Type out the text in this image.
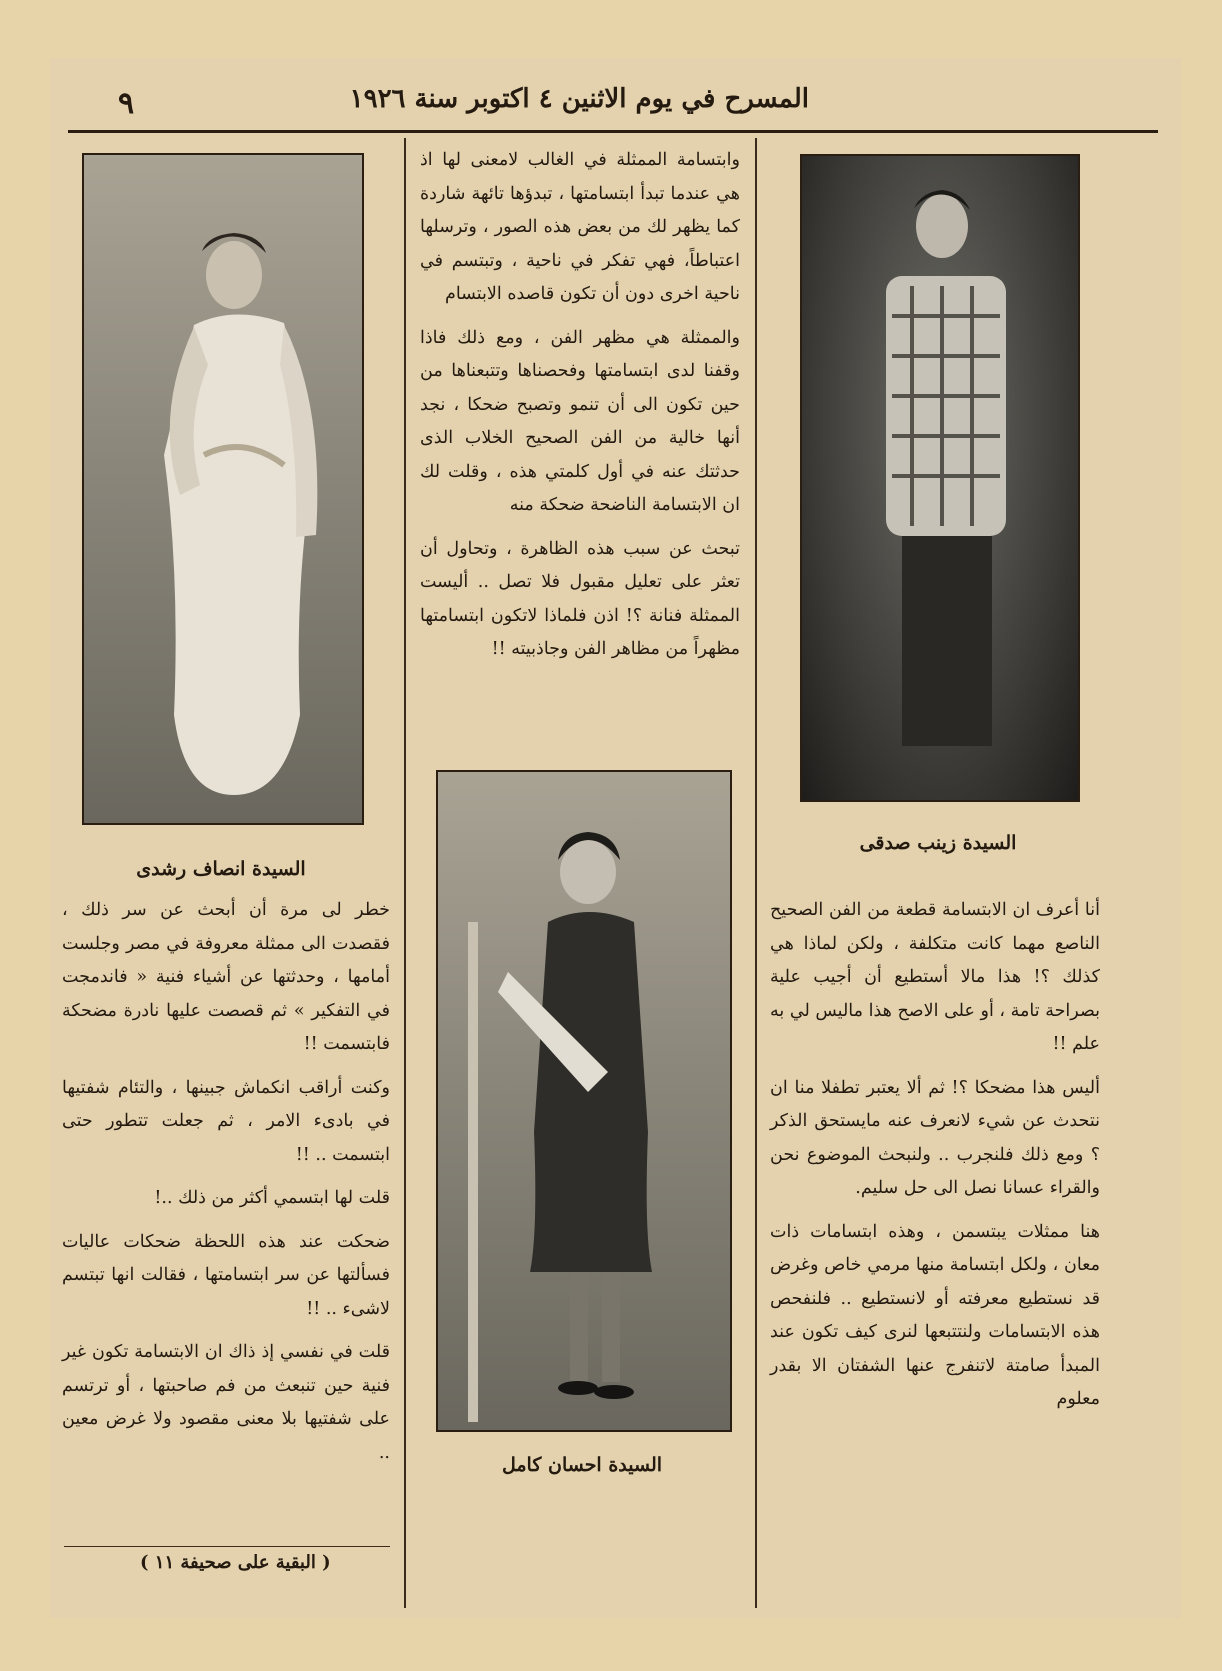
٩	المسرح في يوم الاثنين ٤ اكتوبر سنة ١٩٢٦
السيدة انصاف رشدى
السيدة زينب صدقى
السيدة احسان كامل

وابتسامة الممثلة في الغالب لامعنى لها اذ هي عندما تبدأ ابتسامتها ، تبدؤها تائهة شاردة كما يظهر لك من بعض هذه الصور ، وترسلها اعتباطاً، فهي تفكر في ناحية ، وتبتسم في ناحية اخرى دون أن تكون قاصده الابتسام

والممثلة هي مظهر الفن ، ومع ذلك فاذا وقفنا لدى ابتسامتها وفحصناها وتتبعناها من حين تكون الى أن تنمو وتصبح ضحكا ، نجد أنها خالية من الفن الصحيح الخلاب الذى حدثتك عنه في أول كلمتي هذه ، وقلت لك ان الابتسامة الناضحة ضحكة منه

تبحث عن سبب هذه الظاهرة ، وتحاول أن تعثر على تعليل مقبول فلا تصل .. أليست الممثلة فنانة ؟! اذن فلماذا لاتكون ابتسامتها مظهراً من مظاهر الفن وجاذبيته !!

خطر لى مرة أن أبحث عن سر ذلك ، فقصدت الى ممثلة معروفة في مصر وجلست أمامها ، وحدثتها عن أشياء فنية « فاندمجت في التفكير » ثم قصصت عليها نادرة مضحكة فابتسمت !!

وكنت أراقب انكماش جبينها ، والتئام شفتيها في بادىء الامر ، ثم جعلت تتطور حتى ابتسمت .. !!

قلت لها ابتسمي أكثر من ذلك ..!

ضحكت عند هذه اللحظة ضحكات عاليات فسألتها عن سر ابتسامتها ، فقالت انها تبتسم لاشىء .. !!

قلت في نفسي إذ ذاك ان الابتسامة تكون غير فنية حين تنبعث من فم صاحبتها ، أو ترتسم على شفتيها بلا معنى مقصود ولا غرض معين ..

( البقية على صحيفة ١١ )

أنا أعرف ان الابتسامة قطعة من الفن الصحيح الناصع مهما كانت متكلفة ، ولكن لماذا هي كذلك ؟! هذا مالا أستطيع أن أجيب علية بصراحة تامة ، أو على الاصح هذا ماليس لي به علم !!

أليس هذا مضحكا ؟! ثم ألا يعتبر تطفلا منا ان نتحدث عن شيء لانعرف عنه مايستحق الذكر ؟ ومع ذلك فلنجرب .. ولنبحث الموضوع نحن والقراء عسانا نصل الى حل سليم.

هنا ممثلات يبتسمن ، وهذه ابتسامات ذات معان ، ولكل ابتسامة منها مرمي خاص وغرض قد نستطيع معرفته أو لانستطيع .. فلنفحص هذه الابتسامات ولنتتبعها لنرى كيف تكون عند المبدأ صامتة لاتنفرج عنها الشفتان الا بقدر معلوم
